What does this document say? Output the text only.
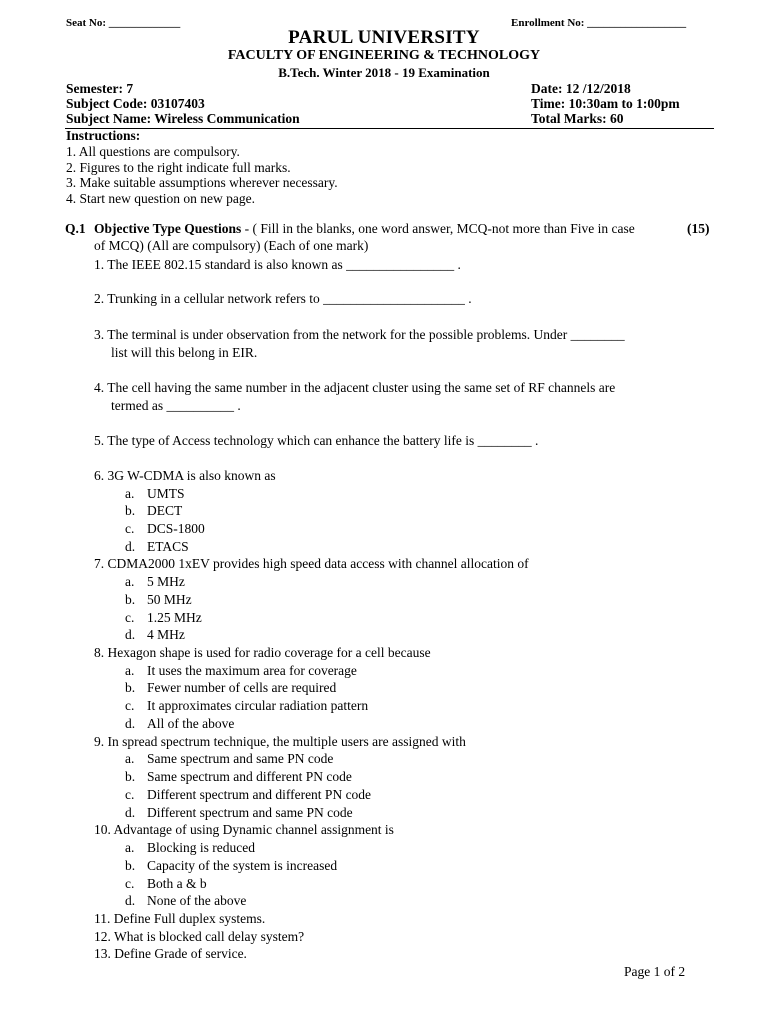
Seat No: _____________	Enrollment No: __________________
PARUL UNIVERSITY
FACULTY OF ENGINEERING & TECHNOLOGY
B.Tech. Winter 2018 - 19 Examination
Semester: 7
Subject Code: 03107403
Subject Name: Wireless Communication
Date: 12 /12/2018
Time: 10:30am to 1:00pm
Total Marks: 60
Instructions:
1. All questions are compulsory.
2. Figures to the right indicate full marks.
3. Make suitable assumptions wherever necessary.
4. Start new question on new page.
Q.1 Objective Type Questions - ( Fill in the blanks, one word answer, MCQ-not more than Five in case
of MCQ) (All are compulsory) (Each of one mark)
(15)
1. The IEEE 802.15 standard is also known as ________________ .
2. Trunking in a cellular network refers to _____________________ .
3. The terminal is under observation from the network for the possible problems. Under ________
list will this belong in EIR.
4. The cell having the same number in the adjacent cluster using the same set of RF channels are
termed as __________ .
5. The type of Access technology which can enhance the battery life is ________ .
6. 3G W-CDMA is also known as
a. UMTS
b. DECT
c. DCS-1800
d. ETACS
7. CDMA2000 1xEV provides high speed data access with channel allocation of
a. 5 MHz
b. 50 MHz
c. 1.25 MHz
d. 4 MHz
8. Hexagon shape is used for radio coverage for a cell because
a. It uses the maximum area for coverage
b. Fewer number of cells are required
c. It approximates circular radiation pattern
d. All of the above
9. In spread spectrum technique, the multiple users are assigned with
a. Same spectrum and same PN code
b. Same spectrum and different PN code
c. Different spectrum and different PN code
d. Different spectrum and same PN code
10. Advantage of using Dynamic channel assignment is
a. Blocking is reduced
b. Capacity of the system is increased
c. Both a & b
d. None of the above
11. Define Full duplex systems.
12. What is blocked call delay system?
13. Define Grade of service.
Page 1 of 2
